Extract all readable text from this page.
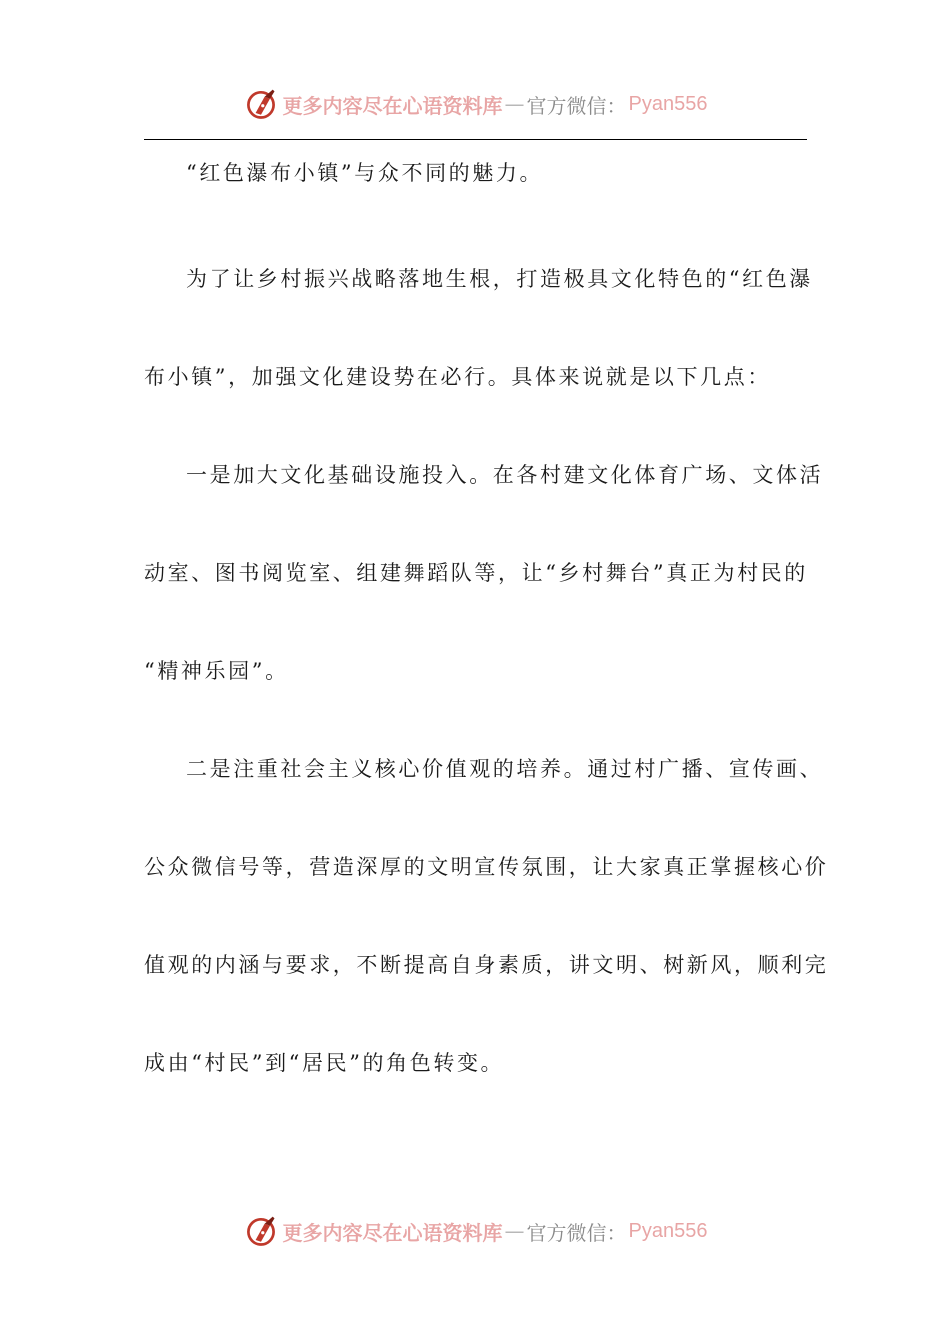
更多内容尽在心语资料库 — 官方微信： Pyan556

“红色瀑布小镇”与众不同的魅力。

为了让乡村振兴战略落地生根，打造极具文化特色的“红色瀑

布小镇”，加强文化建设势在必行。具体来说就是以下几点：

一是加大文化基础设施投入。在各村建文化体育广场、文体活

动室、图书阅览室、组建舞蹈队等，让“乡村舞台”真正为村民的

“精神乐园”。

二是注重社会主义核心价值观的培养。通过村广播、宣传画、

公众微信号等，营造深厚的文明宣传氛围，让大家真正掌握核心价

值观的内涵与要求，不断提高自身素质，讲文明、树新风，顺利完

成由“村民”到“居民”的角色转变。

更多内容尽在心语资料库 — 官方微信： Pyan556
